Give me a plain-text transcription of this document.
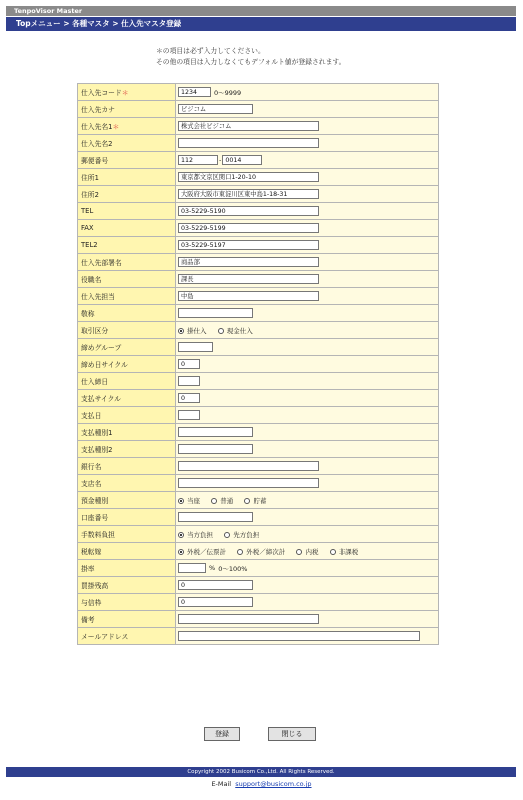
TenpoVisor Master
Topメニュー > 各種マスタ > 仕入先マスタ登録
＊の項目は必ず入力してください。
その他の項目は入力しなくてもデフォルト値が登録されます。
仕入先コード＊	1234 0〜9999
仕入先カナ	ビジコム
仕入先名1＊	株式会社ビジコム
仕入先名2	
郵便番号	112 - 0014
住所1	東京都文京区関口1-20-10
住所2	大阪府大阪市東淀川区東中島1-18-31
TEL	03-5229-5190
FAX	03-5229-5199
TEL2	03-5229-5197
仕入先部署名	商品部
役職名	課長
仕入先担当	中島
敬称	
取引区分	掛仕入 現金仕入
締めグループ	
締め日サイクル	0
仕入締日	
支払サイクル	0
支払日	
支払種別1	
支払種別2	
銀行名	
支店名	
預金種別	当座 普通 貯蓄
口座番号	
手数料負担	当方負担 先方負担
税転嫁	外税／伝票計 外税／締次計 内税 非課税
掛率	% 0〜100%
買掛残高	0
与信枠	0
備考	
メールアドレス	
登録	閉じる
Copyright 2002 Busicom Co.,Ltd. All Rights Reserved.
E-Mail support@busicom.co.jp
